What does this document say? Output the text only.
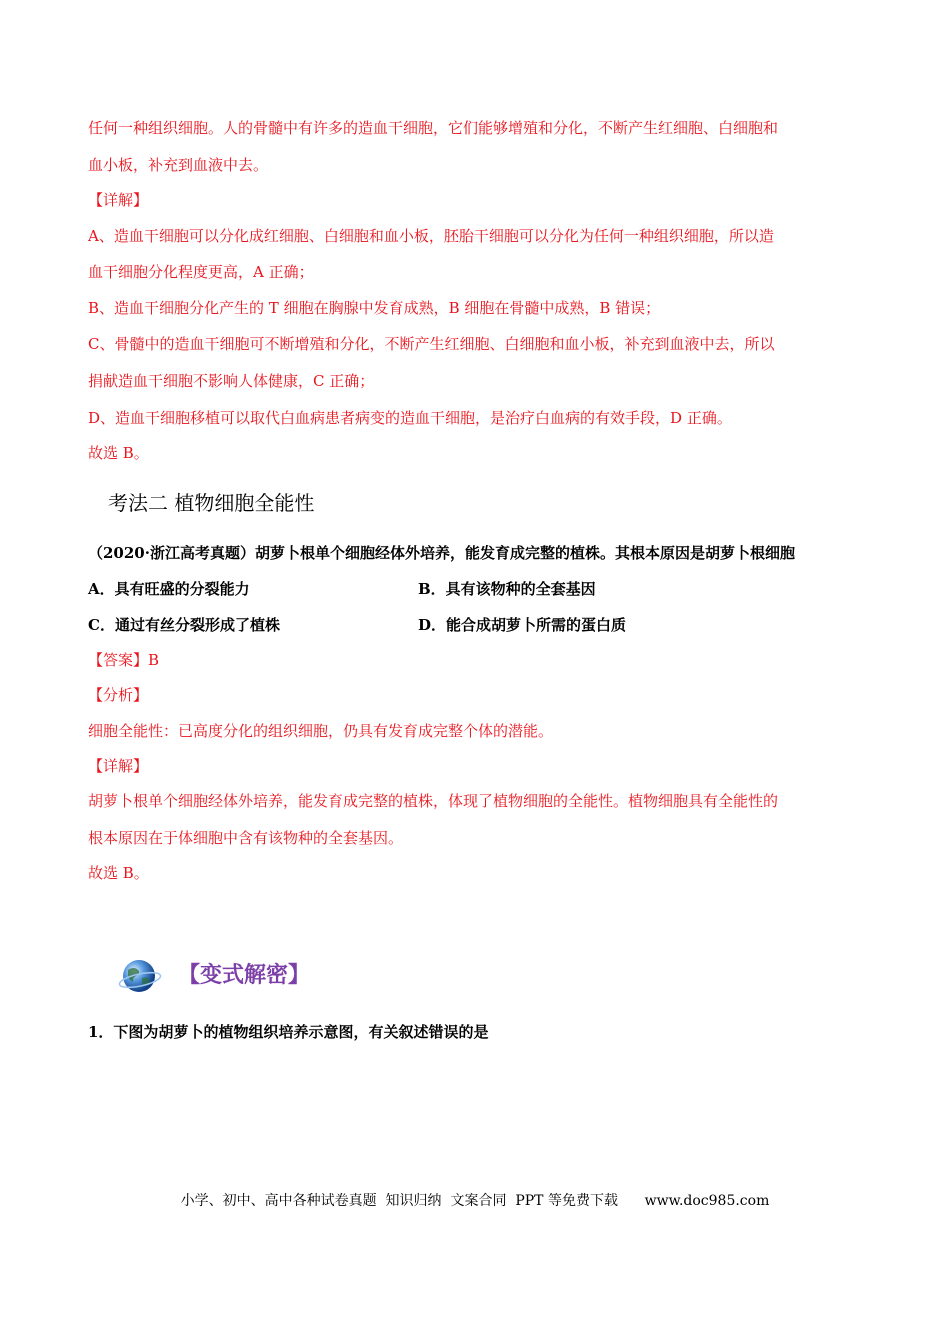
任何一种组织细胞。人的骨髓中有许多的造血干细胞，它们能够增殖和分化，不断产生红细胞、白细胞和
血小板，补充到血液中去。
【详解】
A、造血干细胞可以分化成红细胞、白细胞和血小板，胚胎干细胞可以分化为任何一种组织细胞，所以造
血干细胞分化程度更高，A 正确；
B、造血干细胞分化产生的 T 细胞在胸腺中发育成熟，B 细胞在骨髓中成熟，B 错误；
C、骨髓中的造血干细胞可不断增殖和分化，不断产生红细胞、白细胞和血小板，补充到血液中去，所以
捐献造血干细胞不影响人体健康，C 正确；
D、造血干细胞移植可以取代白血病患者病变的造血干细胞，是治疗白血病的有效手段，D 正确。
故选 B。
考法二 植物细胞全能性
（2020·浙江高考真题）胡萝卜根单个细胞经体外培养，能发育成完整的植株。其根本原因是胡萝卜根细胞
A．具有旺盛的分裂能力	B．具有该物种的全套基因
C．通过有丝分裂形成了植株	D．能合成胡萝卜所需的蛋白质
【答案】B
【分析】
细胞全能性：已高度分化的组织细胞，仍具有发育成完整个体的潜能。
【详解】
胡萝卜根单个细胞经体外培养，能发育成完整的植株，体现了植物细胞的全能性。植物细胞具有全能性的
根本原因在于体细胞中含有该物种的全套基因。
故选 B。
【变式解密】
1．下图为胡萝卜的植物组织培养示意图，有关叙述错误的是
小学、初中、高中各种试卷真题  知识归纳  文案合同  PPT 等免费下载      www.doc985.com
